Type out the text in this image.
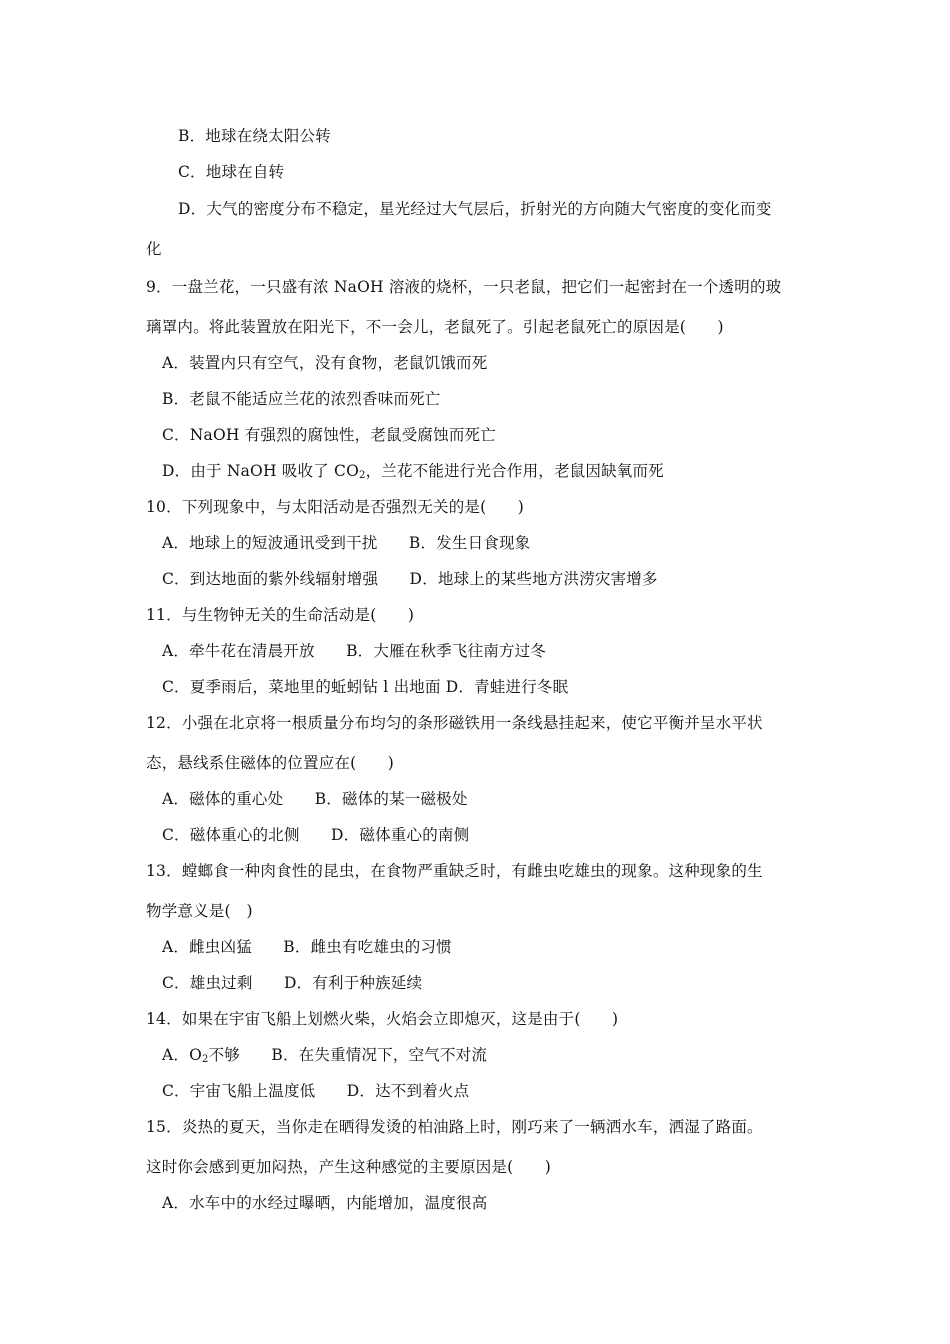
B．地球在绕太阳公转
C．地球在自转
D．大气的密度分布不稳定，星光经过大气层后，折射光的方向随大气密度的变化而变
化
9．一盘兰花，一只盛有浓 NaOH 溶液的烧杯，一只老鼠，把它们一起密封在一个透明的玻
璃罩内。将此装置放在阳光下，不一会儿，老鼠死了。引起老鼠死亡的原因是(　　)
A．装置内只有空气，没有食物，老鼠饥饿而死
B．老鼠不能适应兰花的浓烈香味而死亡
C．NaOH 有强烈的腐蚀性，老鼠受腐蚀而死亡
D．由于 NaOH 吸收了 $CO_2$，兰花不能进行光合作用，老鼠因缺氧而死
10．下列现象中，与太阳活动是否强烈无关的是(　　)
A．地球上的短波通讯受到干扰　　B．发生日食现象
C．到达地面的紫外线辐射增强　　D．地球上的某些地方洪涝灾害增多
11．与生物钟无关的生命活动是(　　)
A．牵牛花在清晨开放　　B．大雁在秋季飞往南方过冬
C．夏季雨后，菜地里的蚯蚓钻 l 出地面 D．青蛙进行冬眠
12．小强在北京将一根质量分布均匀的条形磁铁用一条线悬挂起来，使它平衡并呈水平状
态，悬线系住磁体的位置应在(　　)
A．磁体的重心处　　B．磁体的某一磁极处
C．磁体重心的北侧　　D．磁体重心的南侧
13．螳螂食一种肉食性的昆虫，在食物严重缺乏时，有雌虫吃雄虫的现象。这种现象的生
物学意义是(　)
A．雌虫凶猛　　B．雌虫有吃雄虫的习惯
C．雄虫过剩　　D．有利于种族延续
14．如果在宇宙飞船上划燃火柴，火焰会立即熄灭，这是由于(　　)
A．$O_2$不够　　B．在失重情况下，空气不对流
C．宇宙飞船上温度低　　D．达不到着火点
15．炎热的夏天，当你走在晒得发烫的柏油路上时，刚巧来了一辆洒水车，洒湿了路面。
这时你会感到更加闷热，产生这种感觉的主要原因是(　　)
A．水车中的水经过曝晒，内能增加，温度很高
